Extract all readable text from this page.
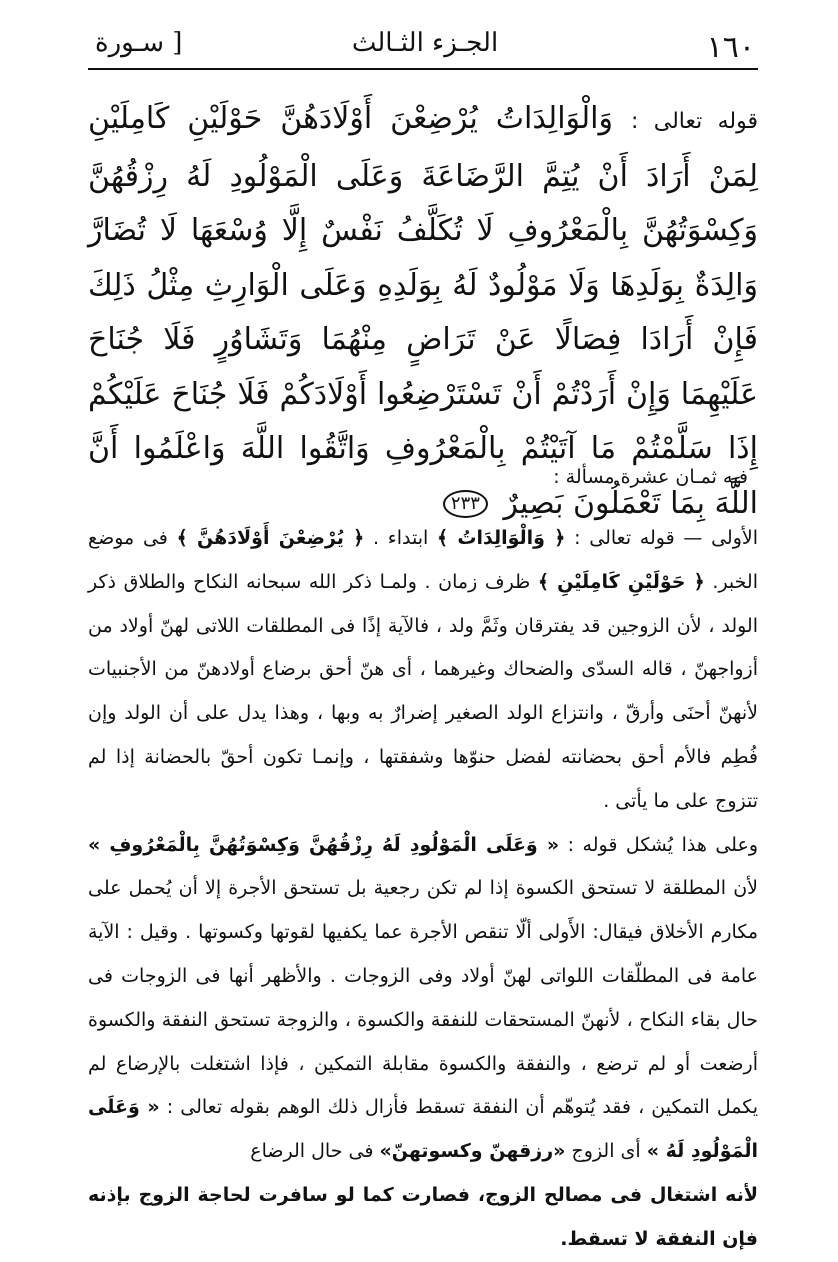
١٦٠
الجـزء الثـالث
[ سـورة
قوله تعالى : وَالْوَالِدَاتُ يُرْضِعْنَ أَوْلَادَهُنَّ حَوْلَيْنِ كَامِلَيْنِ لِمَنْ أَرَادَ أَنْ يُتِمَّ الرَّضَاعَةَ وَعَلَى الْمَوْلُودِ لَهُ رِزْقُهُنَّ وَكِسْوَتُهُنَّ بِالْمَعْرُوفِ لَا تُكَلَّفُ نَفْسٌ إِلَّا وُسْعَهَا لَا تُضَارَّ وَالِدَةٌ بِوَلَدِهَا وَلَا مَوْلُودٌ لَهُ بِوَلَدِهِ وَعَلَى الْوَارِثِ مِثْلُ ذَلِكَ فَإِنْ أَرَادَا فِصَالًا عَنْ تَرَاضٍ مِنْهُمَا وَتَشَاوُرٍ فَلَا جُنَاحَ عَلَيْهِمَا وَإِنْ أَرَدْتُمْ أَنْ تَسْتَرْضِعُوا أَوْلَادَكُمْ فَلَا جُنَاحَ عَلَيْكُمْ إِذَا سَلَّمْتُمْ مَا آتَيْتُمْ بِالْمَعْرُوفِ وَاتَّقُوا اللَّهَ وَاعْلَمُوا أَنَّ اللَّهَ بِمَا تَعْمَلُونَ بَصِيرٌ ٢٣٣
فيه ثمـان عشرة مسألة :
الأولى — قوله تعالى : ﴿ وَالْوَالِدَاتُ ﴾ ابتداء . ﴿ يُرْضِعْنَ أَوْلَادَهُنَّ ﴾ فى موضع الخبر. ﴿ حَوْلَيْنِ كَامِلَيْنِ ﴾ ظرف زمان . ولمـا ذكر الله سبحانه النكاح والطلاق ذكر الولد ، لأن الزوجين قد يفترقان وثَمَّ ولد ، فالآية إذًا فى المطلقات اللاتى لهنّ أولاد من أزواجهنّ ، قاله السدّى والضحاك وغيرهما ، أى هنّ أحق برضاع أولادهنّ من الأجنبيات لأنهنّ أحنَى وأرقّ ، وانتزاع الولد الصغير إضرارٌ به وبها ، وهذا يدل على أن الولد وإن فُطِم فالأم أحق بحضانته لفضل حنوّها وشفقتها ، وإنمـا تكون أحقّ بالحضانة إذا لم تتزوج على ما يأتى .
وعلى هذا يُشكل قوله : « وَعَلَى الْمَوْلُودِ لَهُ رِزْقُهُنَّ وَكِسْوَتُهُنَّ بِالْمَعْرُوفِ » لأن المطلقة لا تستحق الكسوة إذا لم تكن رجعية بل تستحق الأجرة إلا أن يُحمل على مكارم الأخلاق فيقال: الأَولى ألّا تنقص الأجرة عما يكفيها لقوتها وكسوتها . وقيل : الآية عامة فى المطلّقات اللواتى لهنّ أولاد وفى الزوجات . والأظهر أنها فى الزوجات فى حال بقاء النكاح ، لأنهنّ المستحقات للنفقة والكسوة ، والزوجة تستحق النفقة والكسوة أرضعت أو لم ترضع ، والنفقة والكسوة مقابلة التمكين ، فإذا اشتغلت بالإرضاع لم يكمل التمكين ، فقد يُتوهّم أن النفقة تسقط فأزال ذلك الوهم بقوله تعالى : « وَعَلَى الْمَوْلُودِ لَهُ » أى الزوج «رزقهنّ وكسوتهنّ» فى حال الرضاع
لأنه اشتغال فى مصالح الزوج، فصارت كما لو سافرت لحاجة الزوج بإذنه فإن النفقة لا تسقط.
